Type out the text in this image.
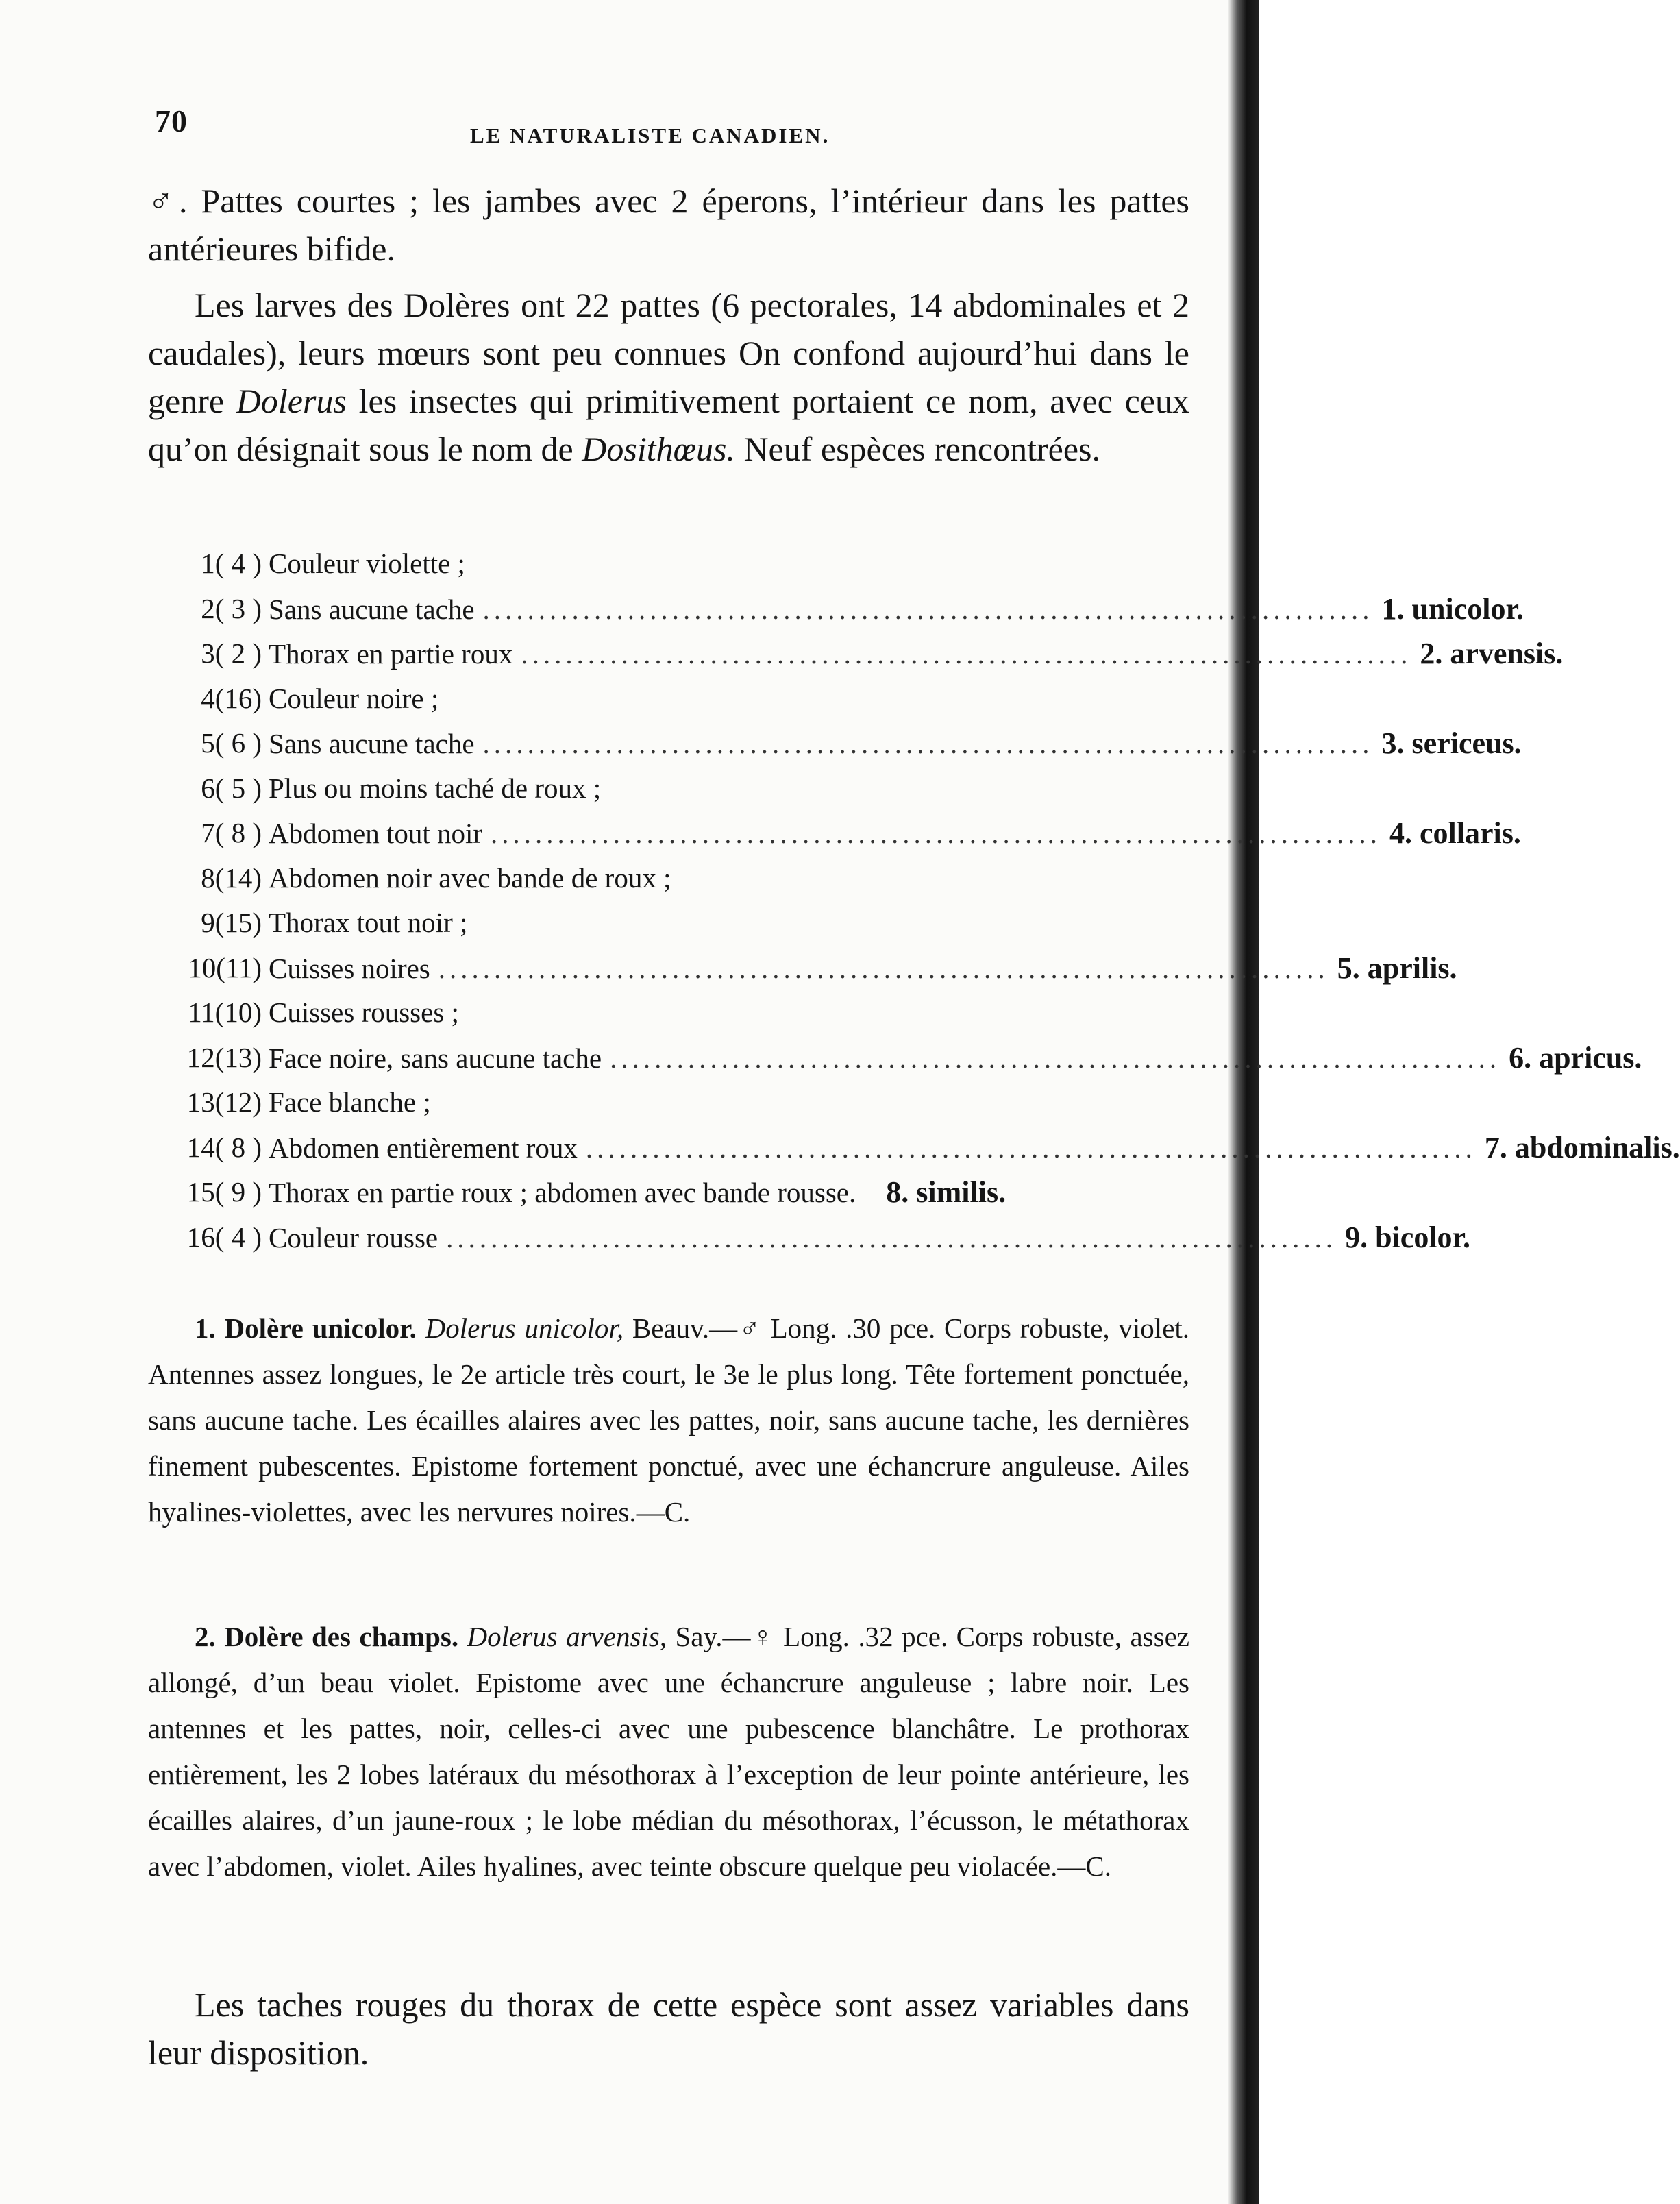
70	LE NATURALISTE CANADIEN.

♂. Pattes courtes ; les jambes avec 2 éperons, l’intérieur dans les pattes antérieures bifide.

Les larves des Dolères ont 22 pattes (6 pectorales, 14 abdominales et 2 caudales), leurs mœurs sont peu connues On confond aujourd’hui dans le genre Dolerus les insectes qui primitivement portaient ce nom, avec ceux qu’on désignait sous le nom de Dosithœus. Neuf espèces rencontrées.

1( 4 ) Couleur violette ;
2( 3 ) Sans aucune tache ................................................................................ 1. unicolor.
3( 2 ) Thorax en partie roux ................................................................................ 2. arvensis.
4(16) Couleur noire ;
5( 6 ) Sans aucune tache ................................................................................ 3. sericeus.
6( 5 ) Plus ou moins taché de roux ;
7( 8 ) Abdomen tout noir ................................................................................ 4. collaris.
8(14) Abdomen noir avec bande de roux ;
9(15) Thorax tout noir ;
10(11) Cuisses noires ................................................................................ 5. aprilis.
11(10) Cuisses rousses ;
12(13) Face noire, sans aucune tache ................................................................................ 6. apricus.
13(12) Face blanche ;
14( 8 ) Abdomen entièrement roux ................................................................................ 7. abdominalis.
15( 9 ) Thorax en partie roux ; abdomen avec bande rousse. 8. similis.
16( 4 ) Couleur rousse ................................................................................ 9. bicolor.

1. Dolère unicolor. Dolerus unicolor, Beauv.—♂ Long. .30 pce. Corps robuste, violet. Antennes assez longues, le 2e article très court, le 3e le plus long. Tête fortement ponctuée, sans aucune tache. Les écailles alaires avec les pattes, noir, sans aucune tache, les dernières finement pubescentes. Epistome fortement ponctué, avec une échancrure anguleuse. Ailes hyalines-violettes, avec les nervures noires.—C.

2. Dolère des champs. Dolerus arvensis, Say.—♀ Long. .32 pce. Corps robuste, assez allongé, d’un beau violet. Epistome avec une échancrure anguleuse ; labre noir. Les antennes et les pattes, noir, celles-ci avec une pubescence blanchâtre. Le prothorax entièrement, les 2 lobes latéraux du mésothorax à l’exception de leur pointe antérieure, les écailles alaires, d’un jaune-roux ; le lobe médian du mésothorax, l’écusson, le métathorax avec l’abdomen, violet. Ailes hyalines, avec teinte obscure quelque peu violacée.—C.

Les taches rouges du thorax de cette espèce sont assez variables dans leur disposition.
